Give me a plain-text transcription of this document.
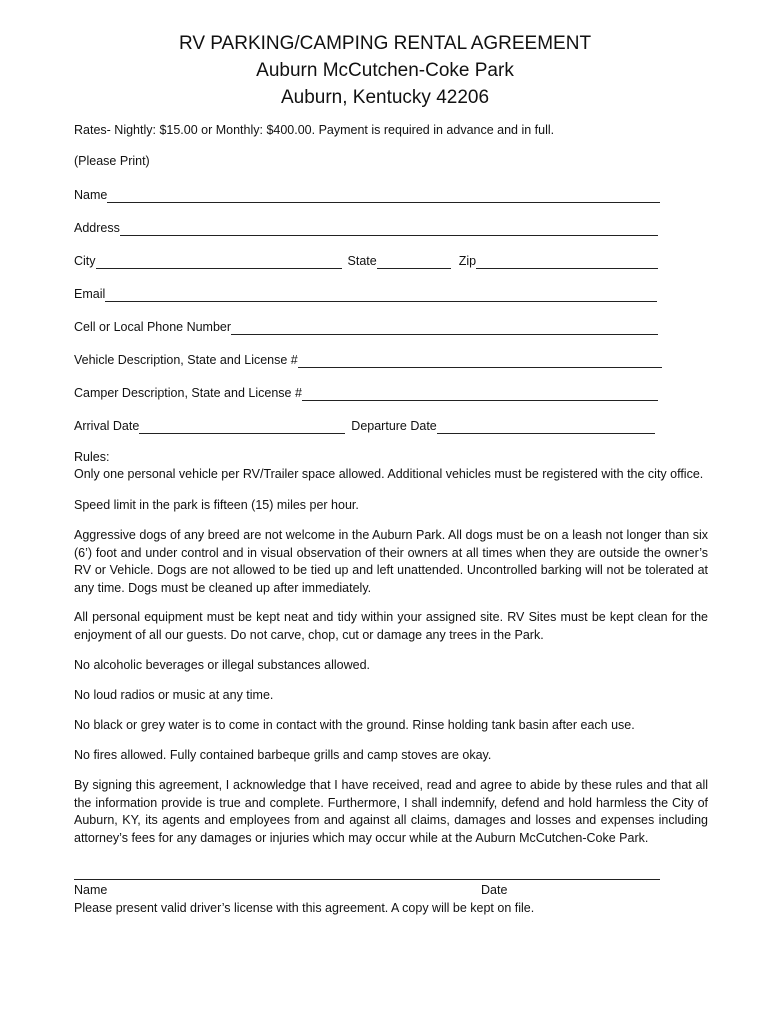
RV PARKING/CAMPING RENTAL AGREEMENT
Auburn McCutchen-Coke Park
Auburn, Kentucky 42206
Rates- Nightly: $15.00 or Monthly: $400.00. Payment is required in advance and in full.
(Please Print)
Name
Address
City	State	Zip
Email
Cell or Local Phone Number
Vehicle Description, State and License #
Camper Description, State and License #
Arrival Date	Departure Date
Rules:
Only one personal vehicle per RV/Trailer space allowed. Additional vehicles must be registered with the city office.
Speed limit in the park is fifteen (15) miles per hour.
Aggressive dogs of any breed are not welcome in the Auburn Park. All dogs must be on a leash not longer than six (6’) foot and under control and in visual observation of their owners at all times when they are outside the owner’s RV or Vehicle. Dogs are not allowed to be tied up and left unattended. Uncontrolled barking will not be tolerated at any time. Dogs must be cleaned up after immediately.
All personal equipment must be kept neat and tidy within your assigned site. RV Sites must be kept clean for the enjoyment of all our guests. Do not carve, chop, cut or damage any trees in the Park.
No alcoholic beverages or illegal substances allowed.
No loud radios or music at any time.
No black or grey water is to come in contact with the ground. Rinse holding tank basin after each use.
No fires allowed. Fully contained barbeque grills and camp stoves are okay.
By signing this agreement, I acknowledge that I have received, read and agree to abide by these rules and that all the information provide is true and complete. Furthermore, I shall indemnify, defend and hold harmless the City of Auburn, KY, its agents and employees from and against all claims, damages and losses and expenses including attorney’s fees for any damages or injuries which may occur while at the Auburn McCutchen-Coke Park.
Name	Date
Please present valid driver’s license with this agreement. A copy will be kept on file.
